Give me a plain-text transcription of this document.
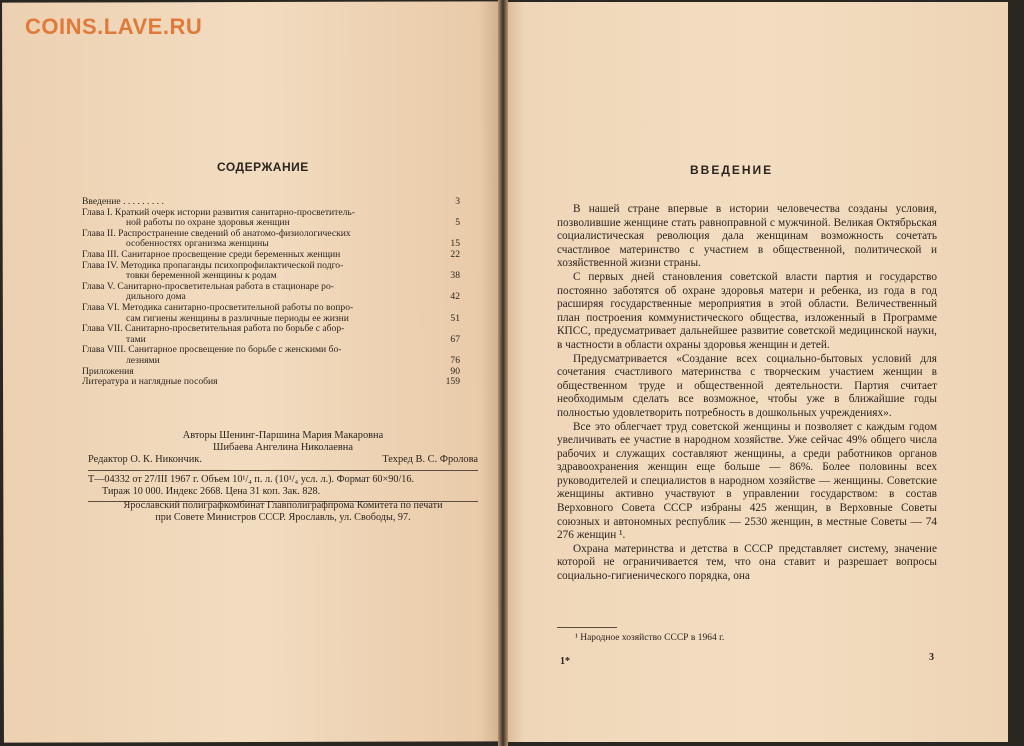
COINS.LAVE.RU
СОДЕРЖАНИЕ
Введение . . . . . . . . .	3
Глава I. Краткий очерк истории развития санитарно-просветитель-
ной работы по охране здоровья женщин	5
Глава II. Распространение сведений об анатомо-физиологических
особенностях организма женщины	15
Глава III. Санитарное просвещение среди беременных женщин	22
Глава IV. Методика пропаганды психопрофилактической подго-
товки беременной женщины к родам	38
Глава V. Санитарно-просветительная работа в стационаре ро-
дильного дома	42
Глава VI. Методика санитарно-просветительной работы по вопро-
сам гигиены женщины в различные периоды ее жизни	51
Глава VII. Санитарно-просветительная работа по борьбе с абор-
тами	67
Глава VIII. Санитарное просвещение по борьбе с женскими бо-
лезнями	76
Приложения	90
Литература и наглядные пособия	159
Авторы Шенинг-Паршина Мария Макаровна
Шибаева Ангелина Николаевна
Редактор О. К. Никончик.	Техред В. С. Фролова
Т—04332 от 27/III 1967 г. Объем 10¹/₄ п. л. (10¹/₄ усл. л.). Формат 60×90/16.
Тираж 10 000. Индекс 2668. Цена 31 коп. Зак. 828.
Ярославский полиграфкомбинат Главполиграфпрома Комитета по печати
при Совете Министров СССР. Ярославль, ул. Свободы, 97.
ВВЕДЕНИЕ

В нашей стране впервые в истории человечества созданы условия, позволившие женщине стать равноправной с мужчиной. Великая Октябрьская социалистическая революция дала женщинам возможность сочетать счастливое материнство с участием в общественной, политической и хозяйственной жизни страны.

С первых дней становления советской власти партия и государство постоянно заботятся об охране здоровья матери и ребенка, из года в год расширяя государственные мероприятия в этой области. Величественный план построения коммунистического общества, изложенный в Программе КПСС, предусматривает дальнейшее развитие советской медицинской науки, в частности в области охраны здоровья женщин и детей.

Предусматривается «Создание всех социально-бытовых условий для сочетания счастливого материнства с творческим участием женщин в общественном труде и общественной деятельности. Партия считает необходимым сделать все возможное, чтобы уже в ближайшие годы полностью удовлетворить потребность в дошкольных учреждениях».

Все это облегчает труд советской женщины и позволяет с каждым годом увеличивать ее участие в народном хозяйстве. Уже сейчас 49% общего числа рабочих и служащих составляют женщины, а среди работников органов здравоохранения женщин еще больше — 86%. Более половины всех руководителей и специалистов в народном хозяйстве — женщины. Советские женщины активно участвуют в управлении государством: в состав Верховного Совета СССР избраны 425 женщин, в Верховные Советы союзных и автономных республик — 2530 женщин, в местные Советы — 74 276 женщин ¹.

Охрана материнства и детства в СССР представляет систему, значение которой не ограничивается тем, что она ставит и разрешает вопросы социально-гигиенического порядка, она

¹ Народное хозяйство СССР в 1964 г.
1*	3
